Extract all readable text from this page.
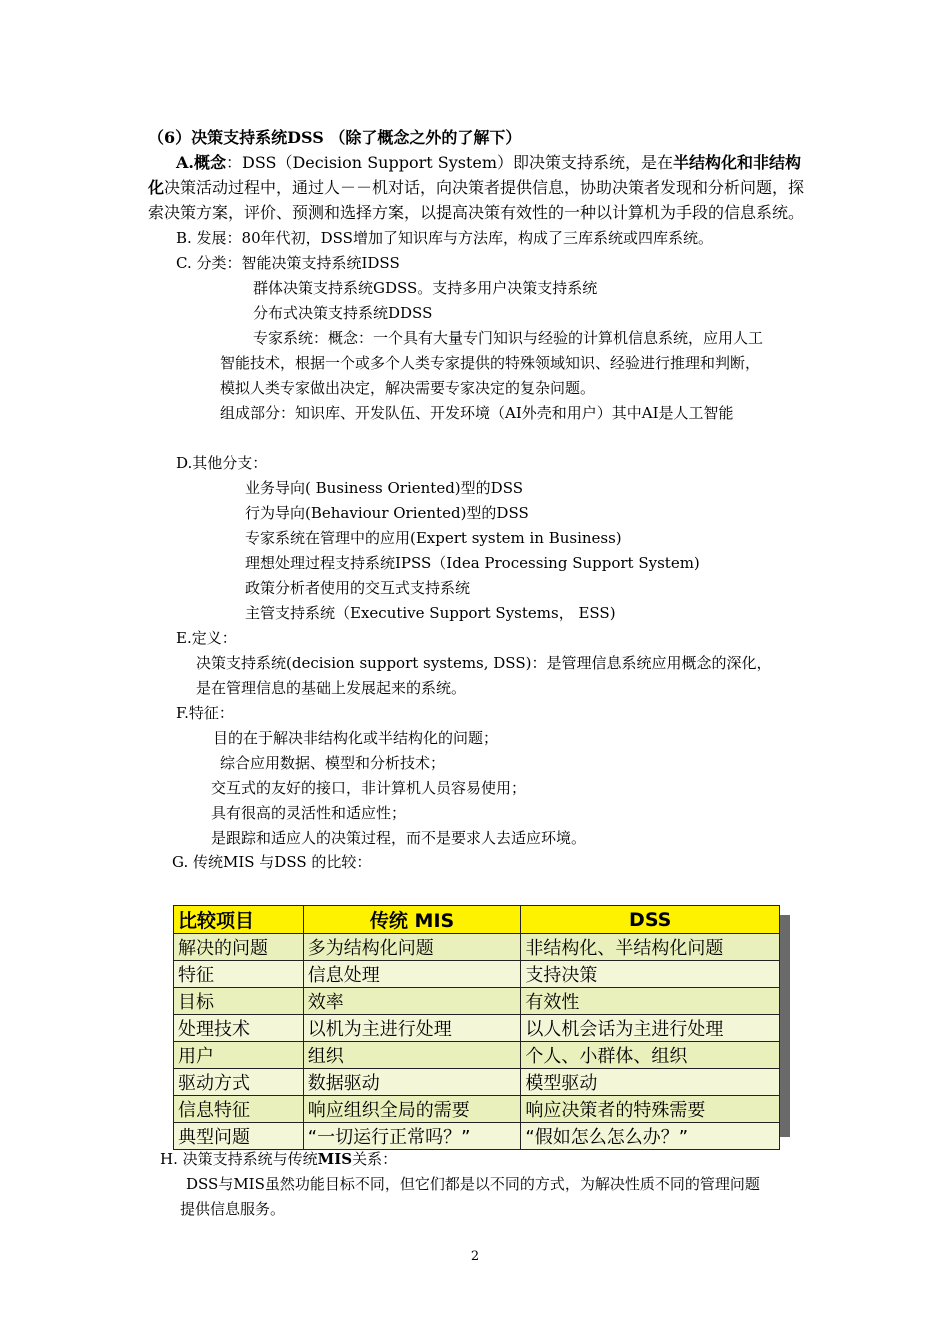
（6）决策支持系统DSS （除了概念之外的了解下）
A.概念：DSS（Decision Support System）即决策支持系统，是在半结构化和非结构
化决策活动过程中，通过人－－机对话，向决策者提供信息，协助决策者发现和分析问题，探
索决策方案，评价、预测和选择方案，以提高决策有效性的一种以计算机为手段的信息系统。
B. 发展：80年代初，DSS增加了知识库与方法库，构成了三库系统或四库系统。
C. 分类：智能决策支持系统IDSS
群体决策支持系统GDSS。支持多用户决策支持系统
分布式决策支持系统DDSS
专家系统：概念：一个具有大量专门知识与经验的计算机信息系统，应用人工
智能技术，根据一个或多个人类专家提供的特殊领域知识、经验进行推理和判断，
模拟人类专家做出决定，解决需要专家决定的复杂问题。
组成部分：知识库、开发队伍、开发环境（AI外壳和用户）其中AI是人工智能
D.其他分支：
业务导向( Business Oriented)型的DSS
行为导向(Behaviour Oriented)型的DSS
专家系统在管理中的应用(Expert system in Business)
理想处理过程支持系统IPSS（Idea Processing Support System)
政策分析者使用的交互式支持系统
主管支持系统（Executive Support Systems， ESS)
E.定义：
决策支持系统(decision support systems, DSS)：是管理信息系统应用概念的深化，
是在管理信息的基础上发展起来的系统。
F.特征：
目的在于解决非结构化或半结构化的问题；
综合应用数据、模型和分析技术；
交互式的友好的接口，非计算机人员容易使用；
具有很高的灵活性和适应性；
是跟踪和适应人的决策过程，而不是要求人去适应环境。
G. 传统MIS 与DSS 的比较：
比较项目	传统 MIS	DSS
解决的问题	多为结构化问题	非结构化、半结构化问题
特征	信息处理	支持决策
目标	效率	有效性
处理技术	以机为主进行处理	以人机会话为主进行处理
用户	组织	个人、小群体、组织
驱动方式	数据驱动	模型驱动
信息特征	响应组织全局的需要	响应决策者的特殊需要
典型问题	“一切运行正常吗？”	“假如怎么怎么办？”
H. 决策支持系统与传统MIS关系：
DSS与MIS虽然功能目标不同，但它们都是以不同的方式，为解决性质不同的管理问题
提供信息服务。
2
